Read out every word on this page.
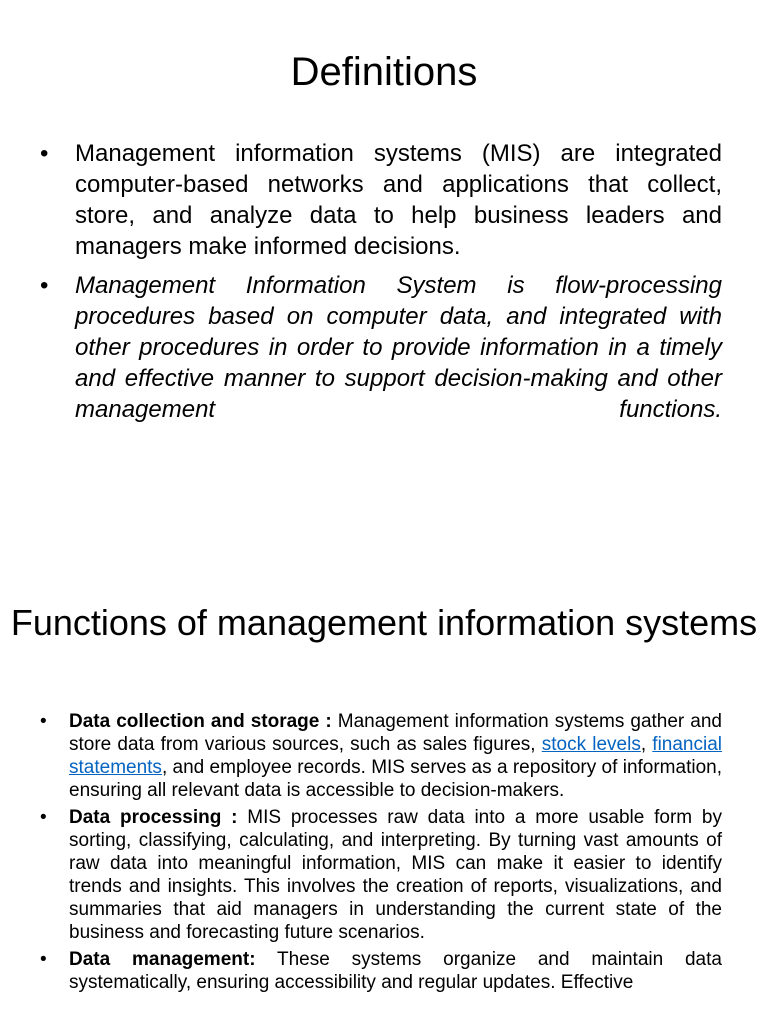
Definitions
• Management information systems (MIS) are integrated computer-based networks and applications that collect, store, and analyze data to help business leaders and managers make informed decisions.
• Management Information System is flow-processing procedures based on computer data, and integrated with other procedures in order to provide information in a timely and effective manner to support decision-making and other management functions.
Functions of management information systems
• Data collection and storage : Management information systems gather and store data from various sources, such as sales figures, stock levels, financial statements, and employee records. MIS serves as a repository of information, ensuring all relevant data is accessible to decision-makers.
• Data processing : MIS processes raw data into a more usable form by sorting, classifying, calculating, and interpreting. By turning vast amounts of raw data into meaningful information, MIS can make it easier to identify trends and insights. This involves the creation of reports, visualizations, and summaries that aid managers in understanding the current state of the business and forecasting future scenarios.
• Data management: These systems organize and maintain data systematically, ensuring accessibility and regular updates. Effective
